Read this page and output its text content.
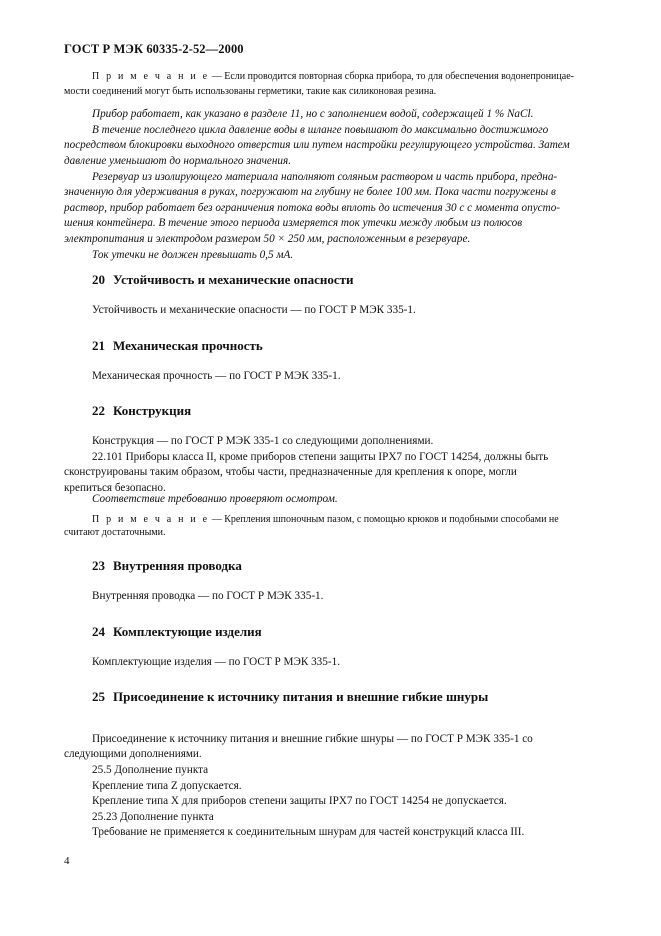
ГОСТ Р МЭК 60335-2-52—2000

П р и м е ч а н и е — Если проводится повторная сборка прибора, то для обеспечения водонепроницае-

мости соединений могут быть использованы герметики, такие как силиконовая резина.

Прибор работает, как указано в разделе 11, но с заполнением водой, содержащей 1 % NaCl.

В течение последнего цикла давление воды в шланге повышают до максимально достижимого

посредством блокировки выходного отверстия или путем настройки регулирующего устройства. Затем

давление уменьшают до нормального значения.

Резервуар из изолирующего материала наполняют соляным раствором и часть прибора, предна-

значенную для удерживания в руках, погружают на глубину не более 100 мм. Пока части погружены в

раствор, прибор работает без ограничения потока воды вплоть до истечения 30 с с момента опусто-

шения контейнера. В течение этого периода измеряется ток утечки между любым из полюсов

электропитания и электродом размером 50 × 250 мм, расположенным в резервуаре.

Ток утечки не должен превышать 0,5 мА.

20 Устойчивость и механические опасности

Устойчивость и механические опасности — по ГОСТ Р МЭК 335-1.

21 Механическая прочность

Механическая прочность — по ГОСТ Р МЭК 335-1.

22 Конструкция

Конструкция — по ГОСТ Р МЭК 335-1 со следующими дополнениями.

22.101 Приборы класса II, кроме приборов степени защиты IPX7 по ГОСТ 14254, должны быть

сконструированы таким образом, чтобы части, предназначенные для крепления к опоре, могли

крепиться безопасно.

Соответствие требованию проверяют осмотром.

П р и м е ч а н и е — Крепления шпоночным пазом, с помощью крюков и подобными способами не

считают достаточными.

23 Внутренняя проводка

Внутренняя проводка — по ГОСТ Р МЭК 335-1.

24 Комплектующие изделия

Комплектующие изделия — по ГОСТ Р МЭК 335-1.

25 Присоединение к источнику питания и внешние гибкие шнуры

Присоединение к источнику питания и внешние гибкие шнуры — по ГОСТ Р МЭК 335-1 со

следующими дополнениями.

25.5 Дополнение пункта

Крепление типа Z допускается.

Крепление типа X для приборов степени защиты IPX7 по ГОСТ 14254 не допускается.

25.23 Дополнение пункта

Требование не применяется к соединительным шнурам для частей конструкций класса III.

4
